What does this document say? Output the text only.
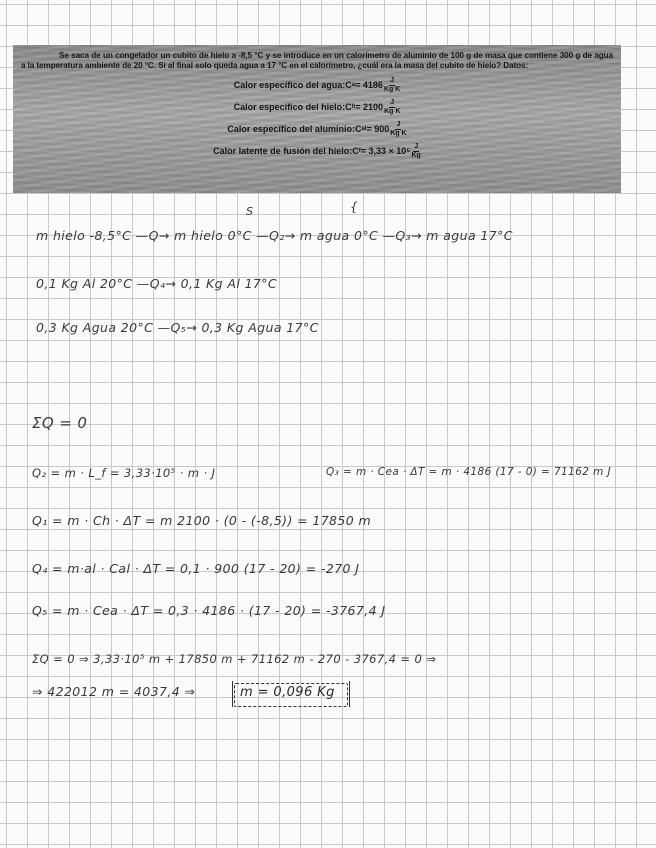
Se saca de un congelador un cubito de hielo a -8,5 °C y se introduce en un calorímetro de aluminio de 100 g de masa que contiene 300 g de agua a la temperatura ambiente de 20 °C. Si al final solo queda agua a 17 °C en el calorímetro, ¿cuál era la masa del cubito de hielo? Datos:

Calor específico del agua: C $a = 4186 \frac{J}{\text{Kg K}}$
Calor específico del hielo: C $h = 2100 \frac{J}{\text{Kg K}}$
Calor específico del aluminio: C al = $900 \frac{J}{\text{Kg K}}$
Calor latente de fusión del hielo: C $f = 3,33 \times 10^5 \frac{J}{Kg}$
S	{
m hielo -8,5°C —Q→ m hielo 0°C —Q₂→ m agua 0°C —Q₃→ m agua 17°C
0,1 Kg Al 20°C —Q₄→ 0,1 Kg Al 17°C
0,3 Kg Agua 20°C —Q₅→ 0,3 Kg Agua 17°C
ΣQ = 0
Q₂ = m · L_f = 3,33·10⁵ · m · J	Q₃ = m · Cea · ΔT = m · 4186 (17 - 0) = 71162 m J
Q₁ = m · Ch · ΔT = m 2100 · (0 - (-8,5)) = 17850 m
Q₄ = m·al · Cal · ΔT = 0,1 · 900 (17 - 20) = -270 J
Q₅ = m · Cea · ΔT = 0,3 · 4186 · (17 - 20) = -3767,4 J
ΣQ = 0 ⇒ 3,33·10⁵ m + 17850 m + 71162 m - 270 - 3767,4 = 0 ⇒
⇒ 422012 m = 4037,4 ⇒	m = 0,096 Kg
